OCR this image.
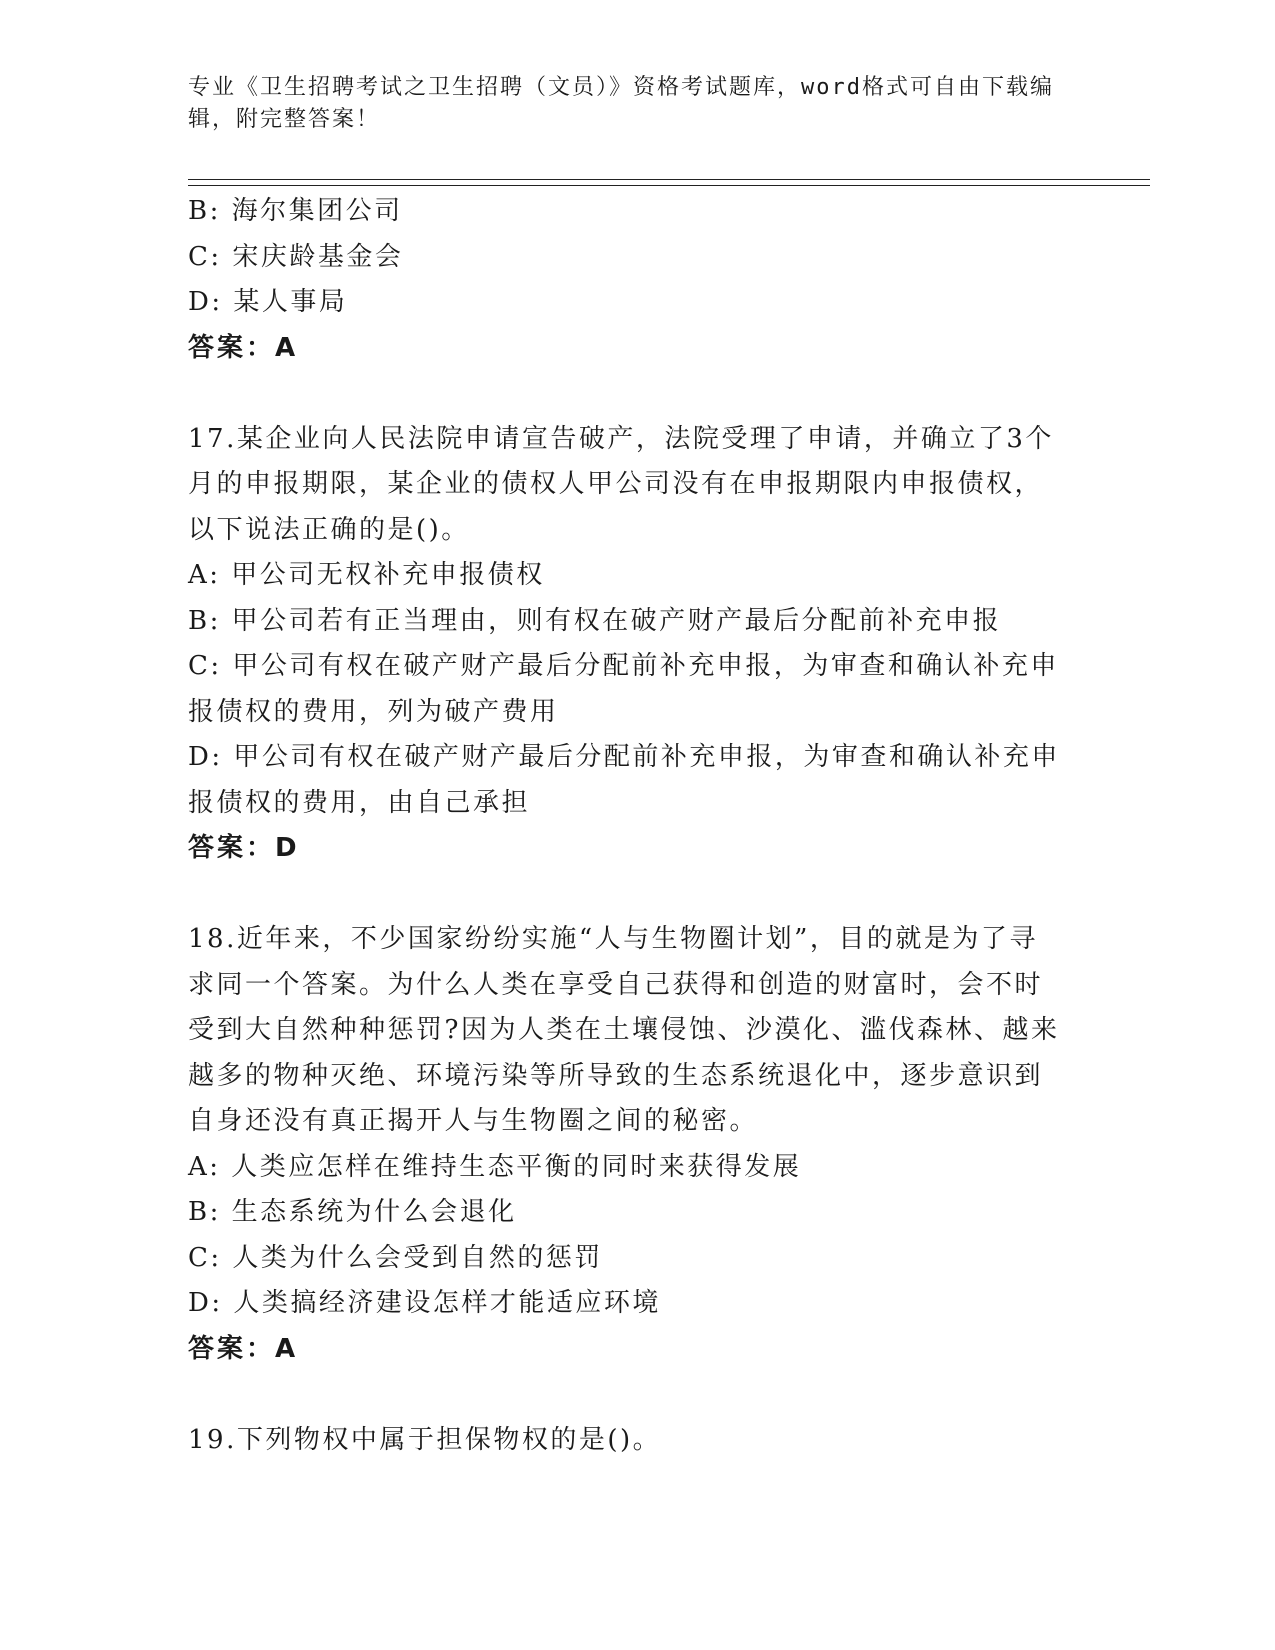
专业《卫生招聘考试之卫生招聘（文员）》资格考试题库，word格式可自由下载编辑，附完整答案！

B: 海尔集团公司

C: 宋庆龄基金会

D: 某人事局

答案：A

17.某企业向人民法院申请宣告破产，法院受理了申请，并确立了3个

月的申报期限，某企业的债权人甲公司没有在申报期限内申报债权，

以下说法正确的是()。

A: 甲公司无权补充申报债权

B: 甲公司若有正当理由，则有权在破产财产最后分配前补充申报

C: 甲公司有权在破产财产最后分配前补充申报，为审查和确认补充申

报债权的费用，列为破产费用

D: 甲公司有权在破产财产最后分配前补充申报，为审查和确认补充申

报债权的费用，由自己承担

答案：D

18.近年来，不少国家纷纷实施“人与生物圈计划”，目的就是为了寻

求同一个答案。为什么人类在享受自己获得和创造的财富时，会不时

受到大自然种种惩罚?因为人类在土壤侵蚀、沙漠化、滥伐森林、越来

越多的物种灭绝、环境污染等所导致的生态系统退化中，逐步意识到

自身还没有真正揭开人与生物圈之间的秘密。

A: 人类应怎样在维持生态平衡的同时来获得发展

B: 生态系统为什么会退化

C: 人类为什么会受到自然的惩罚

D: 人类搞经济建设怎样才能适应环境

答案：A

19.下列物权中属于担保物权的是()。
